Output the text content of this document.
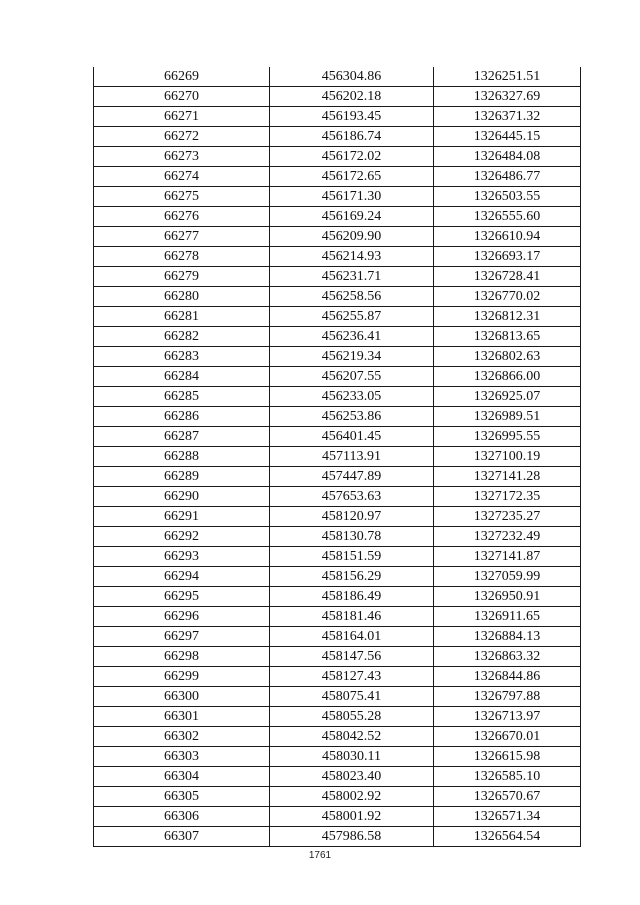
66269	456304.86	1326251.51
66270	456202.18	1326327.69
66271	456193.45	1326371.32
66272	456186.74	1326445.15
66273	456172.02	1326484.08
66274	456172.65	1326486.77
66275	456171.30	1326503.55
66276	456169.24	1326555.60
66277	456209.90	1326610.94
66278	456214.93	1326693.17
66279	456231.71	1326728.41
66280	456258.56	1326770.02
66281	456255.87	1326812.31
66282	456236.41	1326813.65
66283	456219.34	1326802.63
66284	456207.55	1326866.00
66285	456233.05	1326925.07
66286	456253.86	1326989.51
66287	456401.45	1326995.55
66288	457113.91	1327100.19
66289	457447.89	1327141.28
66290	457653.63	1327172.35
66291	458120.97	1327235.27
66292	458130.78	1327232.49
66293	458151.59	1327141.87
66294	458156.29	1327059.99
66295	458186.49	1326950.91
66296	458181.46	1326911.65
66297	458164.01	1326884.13
66298	458147.56	1326863.32
66299	458127.43	1326844.86
66300	458075.41	1326797.88
66301	458055.28	1326713.97
66302	458042.52	1326670.01
66303	458030.11	1326615.98
66304	458023.40	1326585.10
66305	458002.92	1326570.67
66306	458001.92	1326571.34
66307	457986.58	1326564.54
1761
